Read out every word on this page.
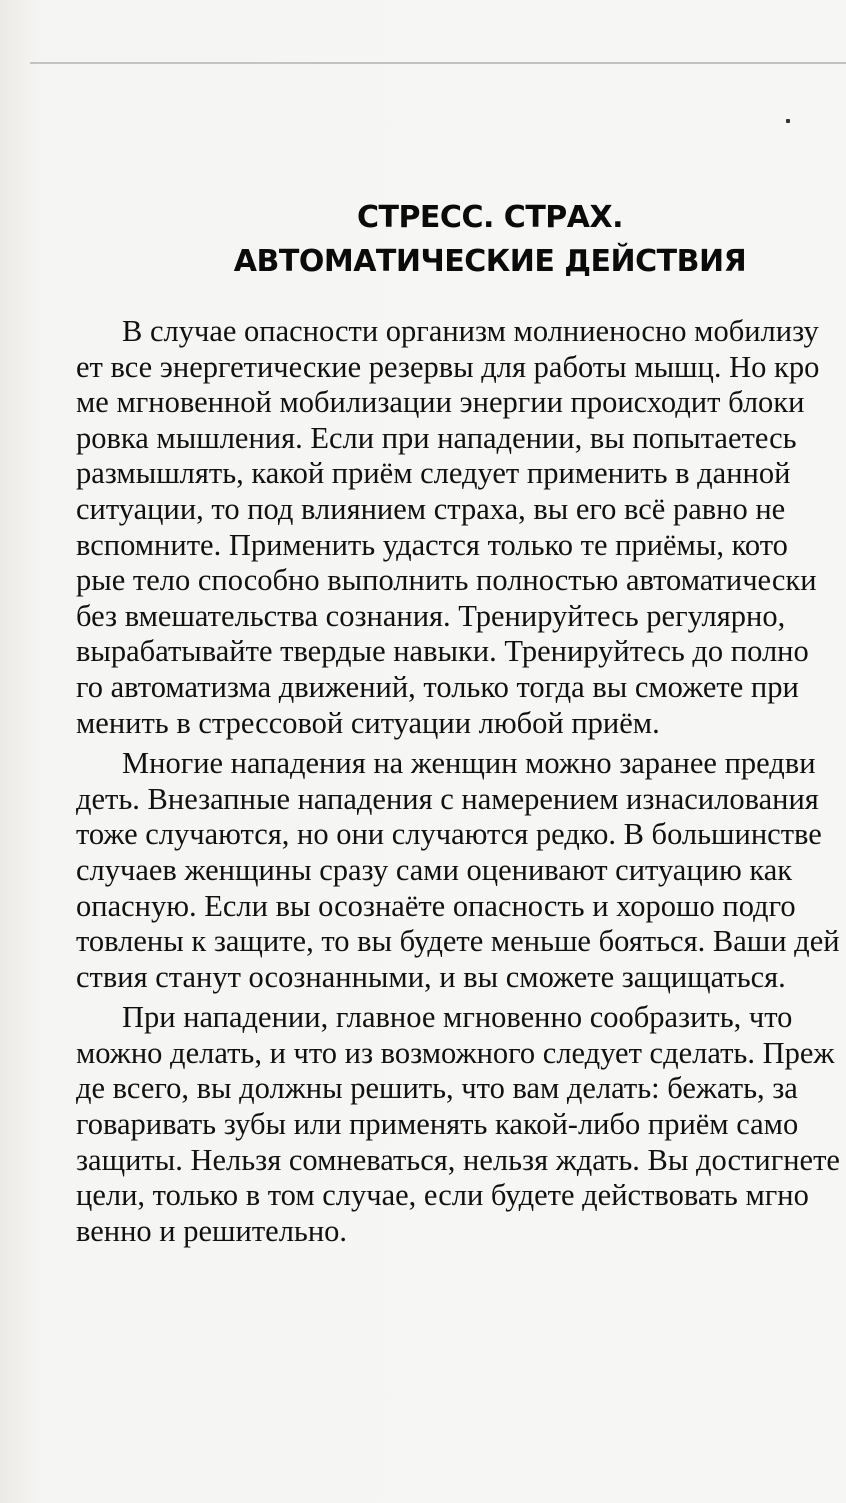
СТРЕСС. СТРАХ.
АВТОМАТИЧЕСКИЕ ДЕЙСТВИЯ
В случае опасности организм молниеносно мобилизу
ет все энергетические резервы для работы мышц. Но кро
ме мгновенной мобилизации энергии происходит блоки
ровка мышления. Если при нападении, вы попытаетесь
размышлять, какой приём следует применить в данной
ситуации, то под влиянием страха, вы его всё равно не
вспомните. Применить удастся только те приёмы, кото
рые тело способно выполнить полностью автоматически
без вмешательства сознания. Тренируйтесь регулярно,
вырабатывайте твердые навыки. Тренируйтесь до полно
го автоматизма движений, только тогда вы сможете при
менить в стрессовой ситуации любой приём.
Многие нападения на женщин можно заранее предви
деть. Внезапные нападения с намерением изнасилования
тоже случаются, но они случаются редко. В большинстве
случаев женщины сразу сами оценивают ситуацию как
опасную. Если вы осознаёте опасность и хорошо подго
товлены к защите, то вы будете меньше бояться. Ваши дей
ствия станут осознанными, и вы сможете защищаться.
При нападении, главное мгновенно сообразить, что
можно делать, и что из возможного следует сделать. Преж
де всего, вы должны решить, что вам делать: бежать, за
говаривать зубы или применять какой-либо приём само
защиты. Нельзя сомневаться, нельзя ждать. Вы достигнете
цели, только в том случае, если будете действовать мгно
венно и решительно.
